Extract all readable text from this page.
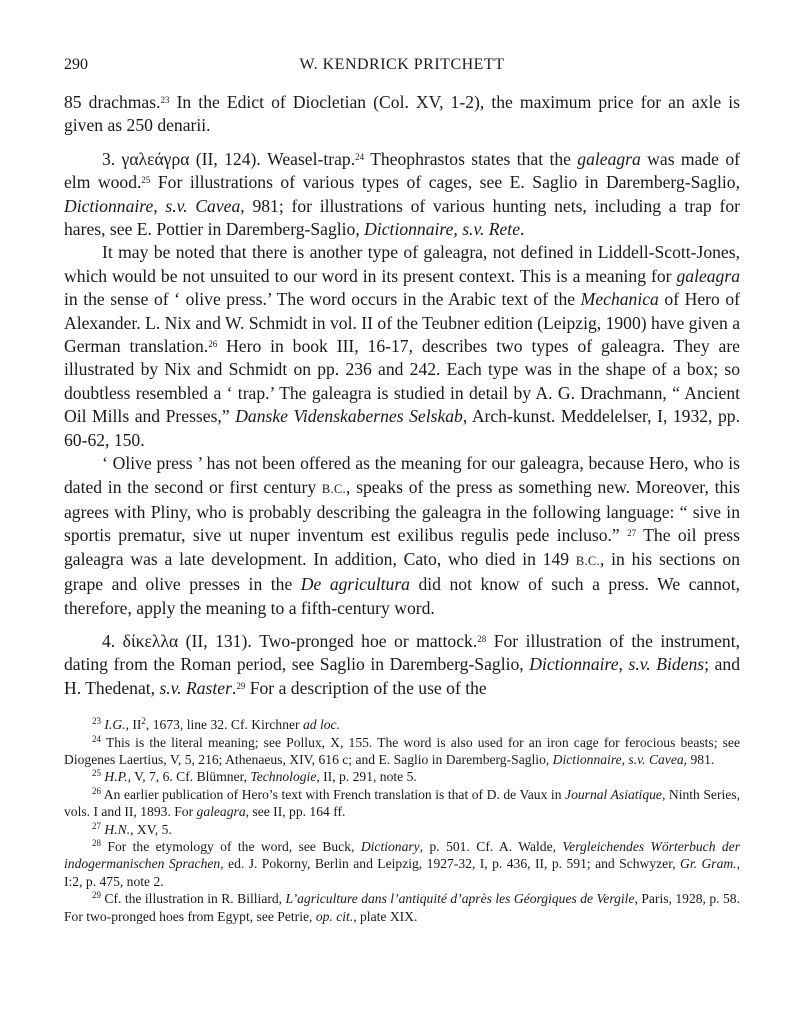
290	W. KENDRICK PRITCHETT

85 drachmas.$^{23}$ In the Edict of Diocletian (Col. XV, 1-2), the maximum price for an axle is given as 250 denarii.

3. γαλεάγρα (II, 124). Weasel-trap.$^{24}$ Theophrastos states that the galeagra was made of elm wood.$^{25}$ For illustrations of various types of cages, see E. Saglio in Daremberg-Saglio, Dictionnaire, s.v. Cavea, 981; for illustrations of various hunting nets, including a trap for hares, see E. Pottier in Daremberg-Saglio, Dictionnaire, s.v. Rete.

It may be noted that there is another type of galeagra, not defined in Liddell-Scott-Jones, which would be not unsuited to our word in its present context. This is a meaning for galeagra in the sense of ‘ olive press.’ The word occurs in the Arabic text of the Mechanica of Hero of Alexander. L. Nix and W. Schmidt in vol. II of the Teubner edition (Leipzig, 1900) have given a German translation.$^{26}$ Hero in book III, 16-17, describes two types of galeagra. They are illustrated by Nix and Schmidt on pp. 236 and 242. Each type was in the shape of a box; so doubtless resembled a ‘ trap.’ The galeagra is studied in detail by A. G. Drachmann, “ Ancient Oil Mills and Presses,” Danske Videnskabernes Selskab, Arch-kunst. Meddelelser, I, 1932, pp. 60-62, 150.

‘ Olive press ’ has not been offered as the meaning for our galeagra, because Hero, who is dated in the second or first century B.C., speaks of the press as something new. Moreover, this agrees with Pliny, who is probably describing the galeagra in the following language: “ sive in sportis prematur, sive ut nuper inventum est exilibus regulis pede incluso.” $^{27}$ The oil press galeagra was a late development. In addition, Cato, who died in 149 B.C., in his sections on grape and olive presses in the De agricultura did not know of such a press. We cannot, therefore, apply the meaning to a fifth-century word.

4. δίκελλα (II, 131). Two-pronged hoe or mattock.$^{28}$ For illustration of the instrument, dating from the Roman period, see Saglio in Daremberg-Saglio, Dictionnaire, s.v. Bidens; and H. Thedenat, s.v. Raster.$^{29}$ For a description of the use of the

$^{23}$ I.G., $II^2$, 1673, line 32. Cf. Kirchner ad loc.

$^{24}$ This is the literal meaning; see Pollux, X, 155. The word is also used for an iron cage for ferocious beasts; see Diogenes Laertius, V, 5, 216; Athenaeus, XIV, 616 c; and E. Saglio in Daremberg-Saglio, Dictionnaire, s.v. Cavea, 981.

$^{25}$ H.P., V, 7, 6. Cf. Blümner, Technologie, II, p. 291, note 5.

$^{26}$ An earlier publication of Hero’s text with French translation is that of D. de Vaux in Journal Asiatique, Ninth Series, vols. I and II, 1893. For galeagra, see II, pp. 164 ff.

$^{27}$ H.N., XV, 5.

$^{28}$ For the etymology of the word, see Buck, Dictionary, p. 501. Cf. A. Walde, Vergleichendes Wörterbuch der indogermanischen Sprachen, ed. J. Pokorny, Berlin and Leipzig, 1927-32, I, p. 436, II, p. 591; and Schwyzer, Gr. Gram., I:2, p. 475, note 2.

$^{29}$ Cf. the illustration in R. Billiard, L’agriculture dans l’antiquité d’après les Géorgiques de Vergile, Paris, 1928, p. 58. For two-pronged hoes from Egypt, see Petrie, op. cit., plate XIX.
